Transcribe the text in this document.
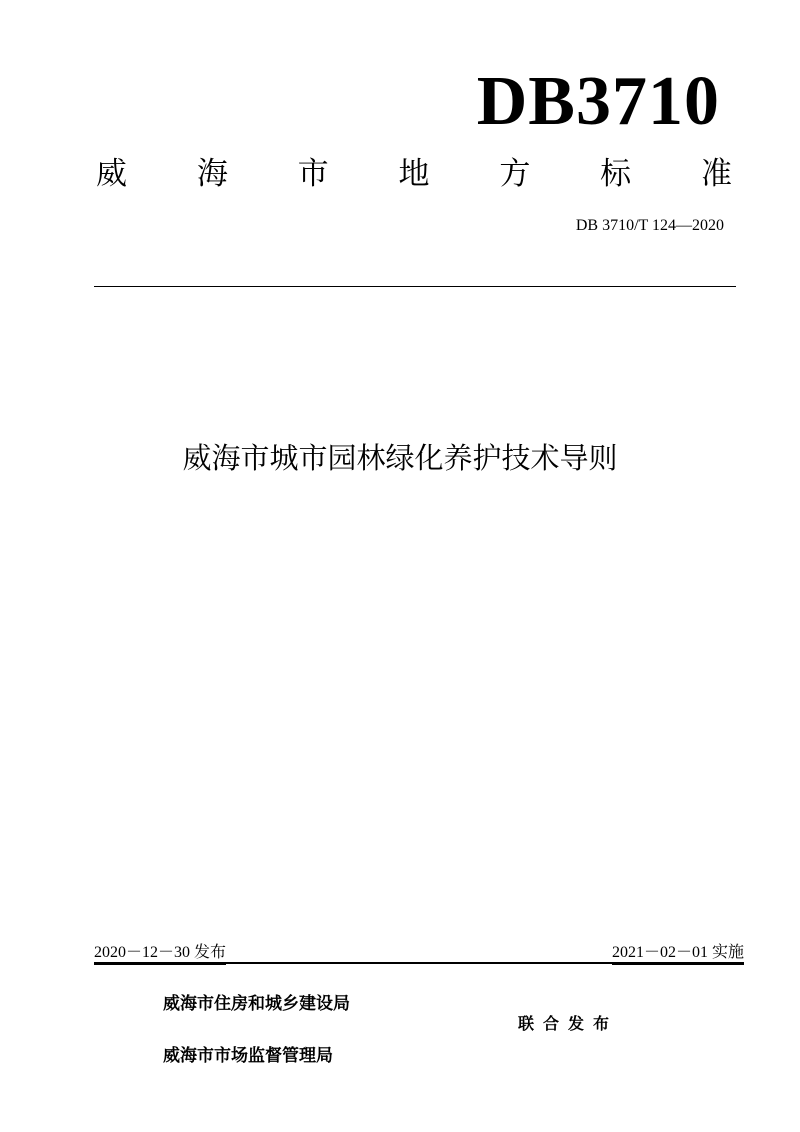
DB3710
威 海 市 地 方 标 准
DB 3710/T 124—2020
威海市城市园林绿化养护技术导则
2020－12－30 发布	2021－02－01 实施
威海市住房和城乡建设局
威海市市场监督管理局
联合发布
